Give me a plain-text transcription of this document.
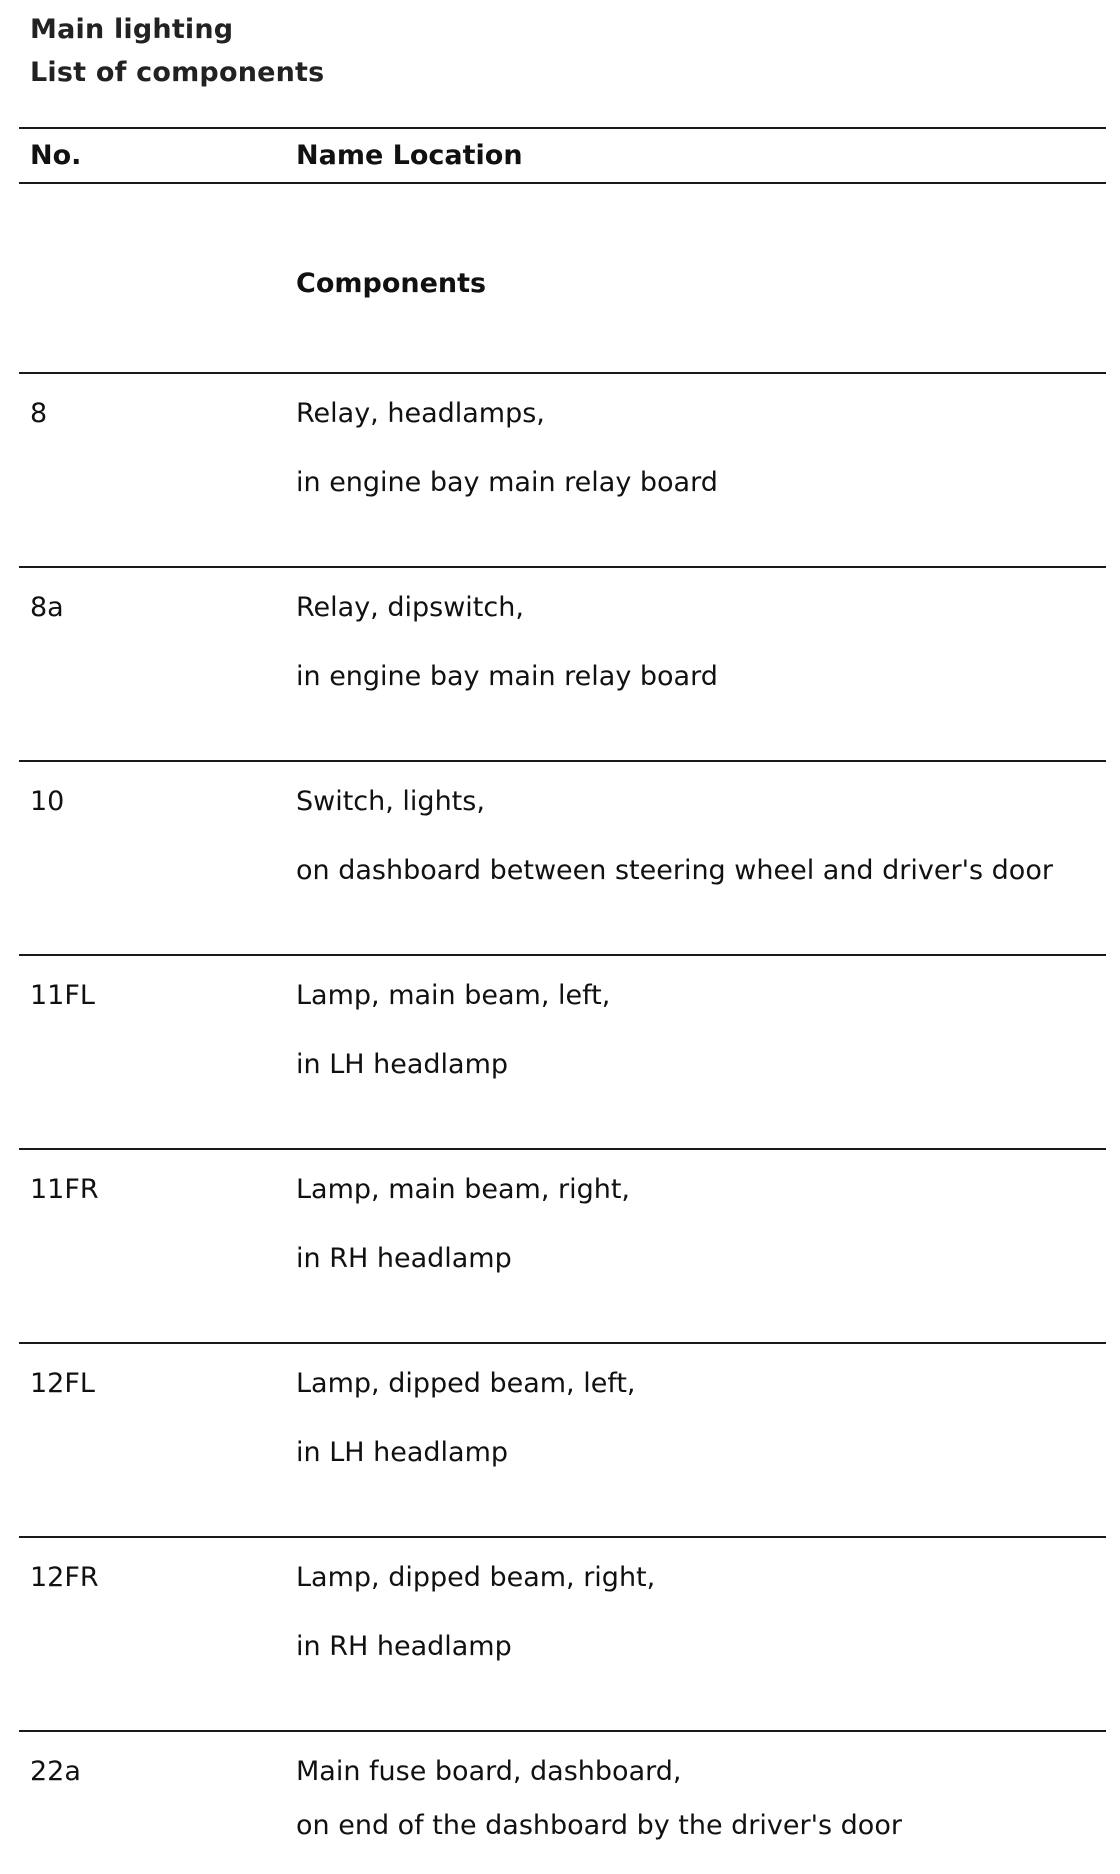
Main lighting
List of components
No.	Name Location
Components
8	Relay, headlamps,
in engine bay main relay board
8a	Relay, dipswitch,
in engine bay main relay board
10	Switch, lights,
on dashboard between steering wheel and driver's door
11FL	Lamp, main beam, left,
in LH headlamp
11FR	Lamp, main beam, right,
in RH headlamp
12FL	Lamp, dipped beam, left,
in LH headlamp
12FR	Lamp, dipped beam, right,
in RH headlamp
22a	Main fuse board, dashboard,
on end of the dashboard by the driver's door
